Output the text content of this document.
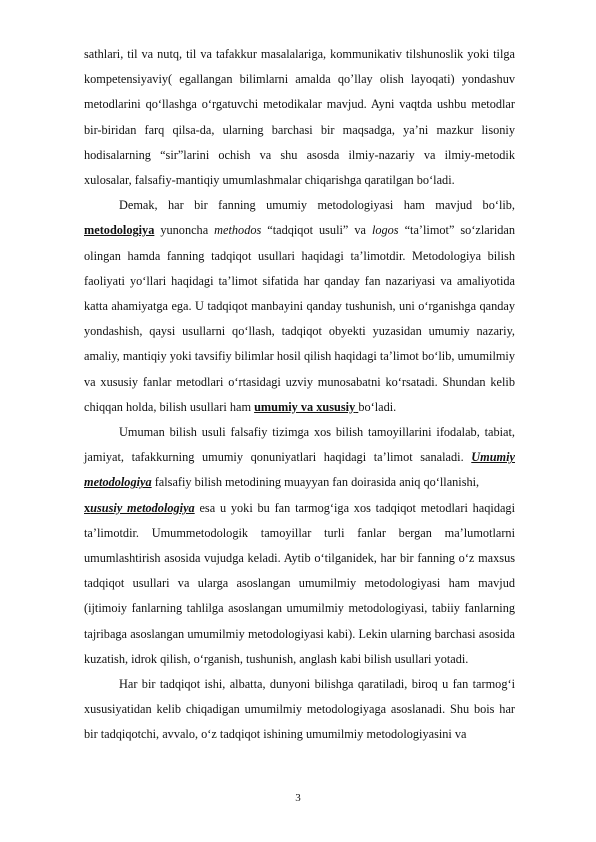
sathlari, til va nutq, til va tafakkur masalalariga, kommunikativ tilshunoslik yoki tilga kompetensiyaviy( egallangan bilimlarni amalda qo’llay olish layoqati) yondashuv metodlarini qo‘llashga o‘rgatuvchi metodikalar mavjud. Ayni vaqtda ushbu metodlar bir-biridan farq qilsa-da, ularning barchasi bir maqsadga, ya’ni mazkur lisoniy hodisalarning “sir”larini ochish va shu asosda ilmiy-nazariy va ilmiy-metodik xulosalar, falsafiy-mantiqiy umumlashmalar chiqarishga qaratilgan bo‘ladi.

Demak, har bir fanning umumiy metodologiyasi ham mavjud bo‘lib, metodologiya yunoncha methodos “tadqiqot usuli” va logos “ta’limot” so‘zlaridan olingan hamda fanning tadqiqot usullari haqidagi ta’limotdir. Metodologiya bilish faoliyati yo‘llari haqidagi ta’limot sifatida har qanday fan nazariyasi va amaliyotida katta ahamiyatga ega. U tadqiqot manbayini qanday tushunish, uni o‘rganishga qanday yondashish, qaysi usullarni qo‘llash, tadqiqot obyekti yuzasidan umumiy nazariy, amaliy, mantiqiy yoki tavsifiy bilimlar hosil qilish haqidagi ta’limot bo‘lib, umumilmiy va xususiy fanlar metodlari o‘rtasidagi uzviy munosabatni ko‘rsatadi. Shundan kelib chiqqan holda, bilish usullari ham umumiy va xususiy bo‘ladi.

Umuman bilish usuli falsafiy tizimga xos bilish tamoyillarini ifodalab, tabiat, jamiyat, tafakkurning umumiy qonuniyatlari haqidagi ta’limot sanaladi. Umumiy metodologiya falsafiy bilish metodining muayyan fan doirasida aniq qo‘llanishi,
xususiy metodologiya esa u yoki bu fan tarmog‘iga xos tadqiqot metodlari haqidagi ta’limotdir. Umummetodologik tamoyillar turli fanlar bergan ma’lumotlarni umumlashtirish asosida vujudga keladi. Aytib o‘tilganidek, har bir fanning o‘z maxsus tadqiqot usullari va ularga asoslangan umumilmiy metodologiyasi ham mavjud (ijtimoiy fanlarning tahlilga asoslangan umumilmiy metodologiyasi, tabiiy fanlarning tajribaga asoslangan umumilmiy metodologiyasi kabi). Lekin ularning barchasi asosida kuzatish, idrok qilish, o‘rganish, tushunish, anglash kabi bilish usullari yotadi.

Har bir tadqiqot ishi, albatta, dunyoni bilishga qaratiladi, biroq u fan tarmog‘i xususiyatidan kelib chiqadigan umumilmiy metodologiyaga asoslanadi. Shu bois har bir tadqiqotchi, avvalo, o‘z tadqiqot ishining umumilmiy metodologiyasini va

3
